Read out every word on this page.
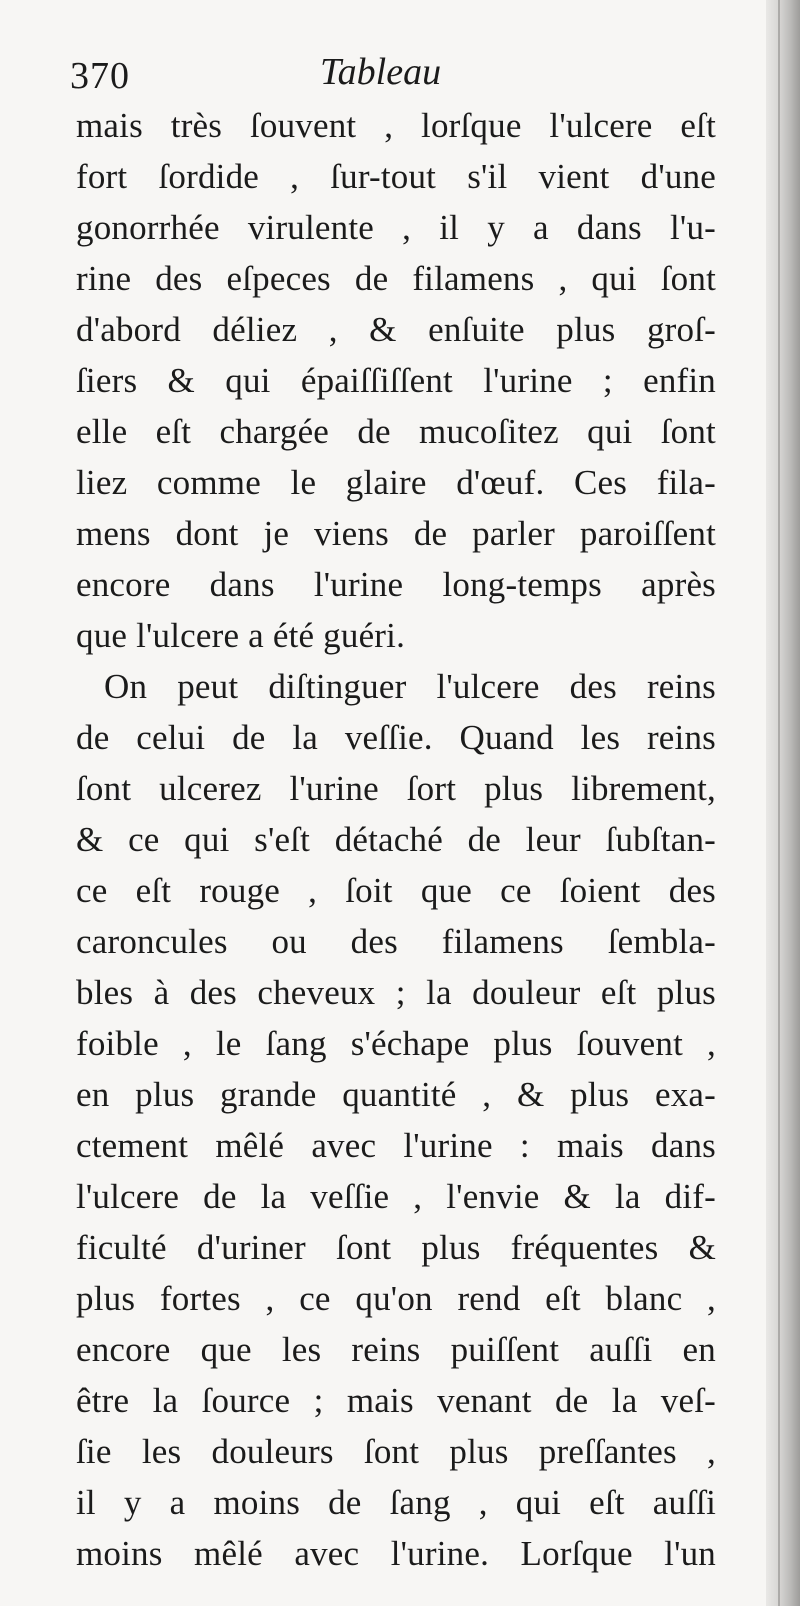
370	Tableau
mais très ſouvent , lorſque l'ulcere eſt
fort ſordide , ſur-tout s'il vient d'une
gonorrhée virulente , il y a dans l'u-
rine des eſpeces de filamens , qui ſont
d'abord déliez , & enſuite plus groſ-
ſiers & qui épaiſſiſſent l'urine ; enfin
elle eſt chargée de mucoſitez qui ſont
liez comme le glaire d'œuf. Ces fila-
mens dont je viens de parler paroiſſent
encore dans l'urine long-temps après
que l'ulcere a été guéri.
On peut diſtinguer l'ulcere des reins
de celui de la veſſie. Quand les reins
ſont ulcerez l'urine ſort plus librement,
& ce qui s'eſt détaché de leur ſubſtan-
ce eſt rouge , ſoit que ce ſoient des
caroncules ou des filamens ſembla-
bles à des cheveux ; la douleur eſt plus
foible , le ſang s'échape plus ſouvent ,
en plus grande quantité , & plus exa-
ctement mêlé avec l'urine : mais dans
l'ulcere de la veſſie , l'envie & la dif-
ficulté d'uriner ſont plus fréquentes &
plus fortes , ce qu'on rend eſt blanc ,
encore que les reins puiſſent auſſi en
être la ſource ; mais venant de la veſ-
ſie les douleurs ſont plus preſſantes ,
il y a moins de ſang , qui eſt auſſi
moins mêlé avec l'urine. Lorſque l'un
